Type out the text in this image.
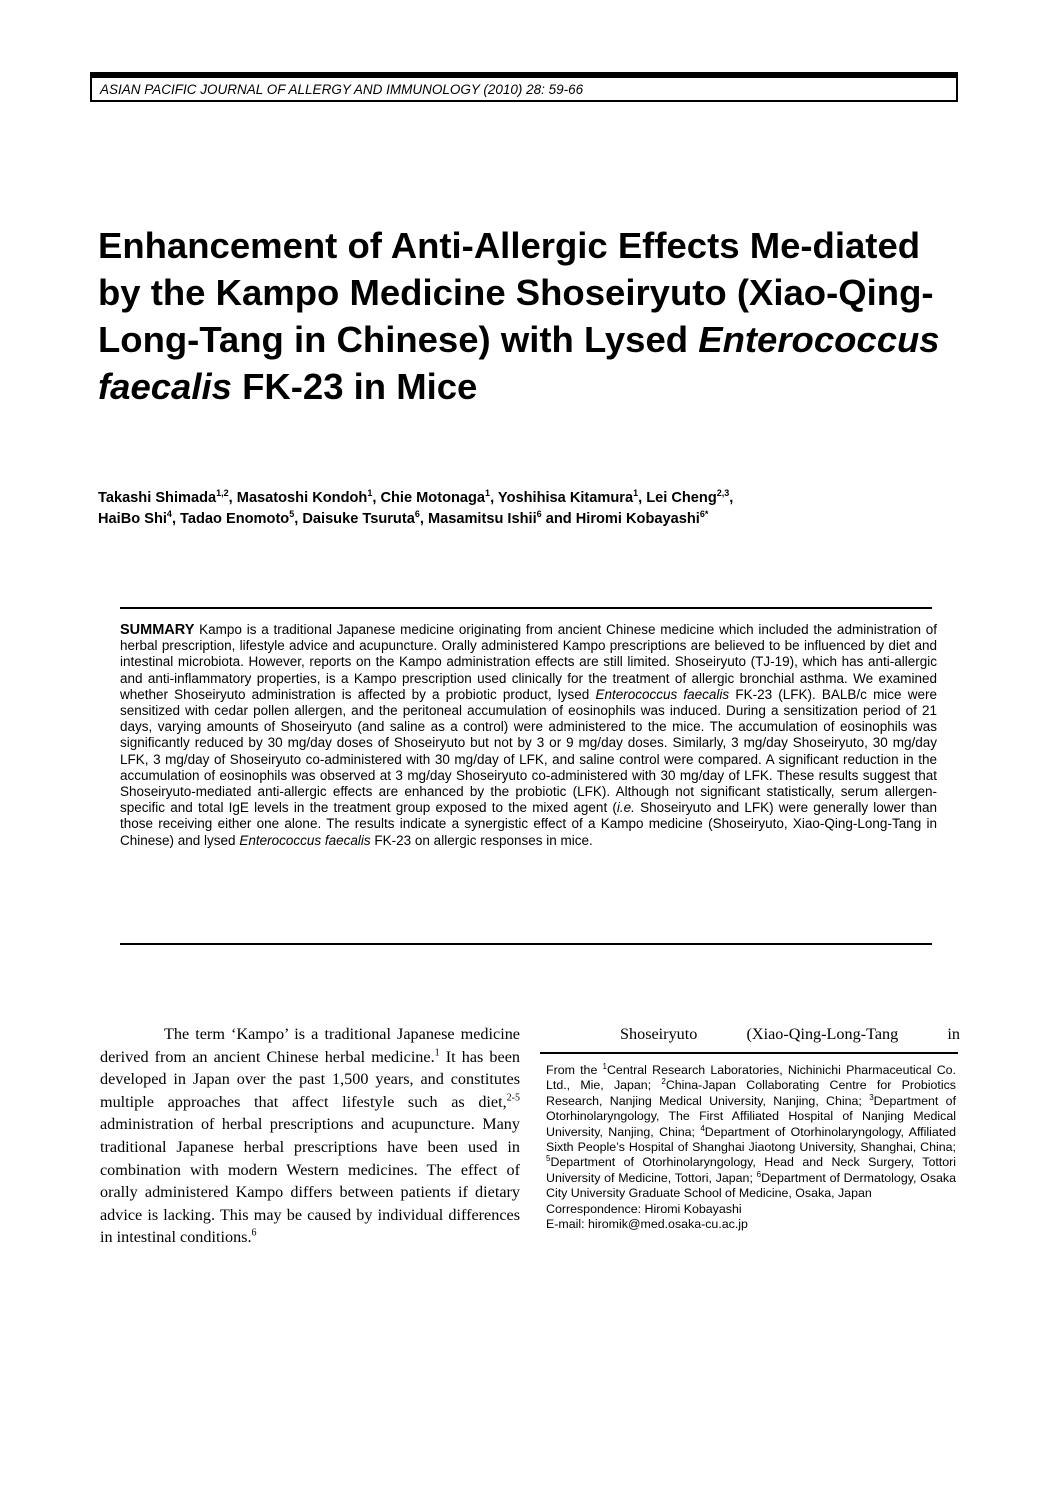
ASIAN PACIFIC JOURNAL OF ALLERGY AND IMMUNOLOGY (2010) 28: 59-66
Enhancement of Anti-Allergic Effects Me-diated by the Kampo Medicine Shoseiryuto (Xiao-Qing-Long-Tang in Chinese) with Lysed Enterococcus faecalis FK-23 in Mice
Takashi Shimada$^{1,2}$, Masatoshi Kondoh$^1$, Chie Motonaga$^1$, Yoshihisa Kitamura$^1$, Lei Cheng$^{2,3}$,
HaiBo Shi$^4$, Tadao Enomoto$^5$, Daisuke Tsuruta$^6$, Masamitsu Ishii$^6$ and Hiromi Kobayashi$^{6*}$

SUMMARY Kampo is a traditional Japanese medicine originating from ancient Chinese medicine which included the administration of herbal prescription, lifestyle advice and acupuncture. Orally administered Kampo prescriptions are believed to be influenced by diet and intestinal microbiota. However, reports on the Kampo administration effects are still limited. Shoseiryuto (TJ-19), which has anti-allergic and anti-inflammatory properties, is a Kampo prescription used clinically for the treatment of allergic bronchial asthma. We examined whether Shoseiryuto administration is affected by a probiotic product, lysed Enterococcus faecalis FK-23 (LFK). BALB/c mice were sensitized with cedar pollen allergen, and the peritoneal accumulation of eosinophils was induced. During a sensitization period of 21 days, varying amounts of Shoseiryuto (and saline as a control) were administered to the mice. The accumulation of eosinophils was significantly reduced by 30 mg/day doses of Shoseiryuto but not by 3 or 9 mg/day doses. Similarly, 3 mg/day Shoseiryuto, 30 mg/day LFK, 3 mg/day of Shoseiryuto co-administered with 30 mg/day of LFK, and saline control were compared. A significant reduction in the accumulation of eosinophils was observed at 3 mg/day Shoseiryuto co-administered with 30 mg/day of LFK. These results suggest that Shoseiryuto-mediated anti-allergic effects are enhanced by the probiotic (LFK). Although not significant statistically, serum allergen-specific and total IgE levels in the treatment group exposed to the mixed agent (i.e. Shoseiryuto and LFK) were generally lower than those receiving either one alone. The results indicate a synergistic effect of a Kampo medicine (Shoseiryuto, Xiao-Qing-Long-Tang in Chinese) and lysed Enterococcus faecalis FK-23 on allergic responses in mice.

The term ‘Kampo’ is a traditional Japanese medicine derived from an ancient Chinese herbal medicine.$^1$ It has been developed in Japan over the past 1,500 years, and constitutes multiple approaches that affect lifestyle such as diet,$^{2-5}$ administration of herbal prescriptions and acupuncture. Many traditional Japanese herbal prescriptions have been used in combination with modern Western medicines. The effect of orally administered Kampo differs between patients if dietary advice is lacking. This may be caused by individual differences in intestinal conditions.$^6$

Shoseiryuto (Xiao-Qing-Long-Tang in

From the $^1$Central Research Laboratories, Nichinichi Pharmaceutical Co. Ltd., Mie, Japan; $^2$China-Japan Collaborating Centre for Probiotics Research, Nanjing Medical University, Nanjing, China; $^3$Department of Otorhinolaryngology, The First Affiliated Hospital of Nanjing Medical University, Nanjing, China; $^4$Department of Otorhinolaryngology, Affiliated Sixth People’s Hospital of Shanghai Jiaotong University, Shanghai, China; $^5$Department of Otorhinolaryngology, Head and Neck Surgery, Tottori University of Medicine, Tottori, Japan; $^6$Department of Dermatology, Osaka City University Graduate School of Medicine, Osaka, Japan

Correspondence: Hiromi Kobayashi

E-mail: hiromik@med.osaka-cu.ac.jp
